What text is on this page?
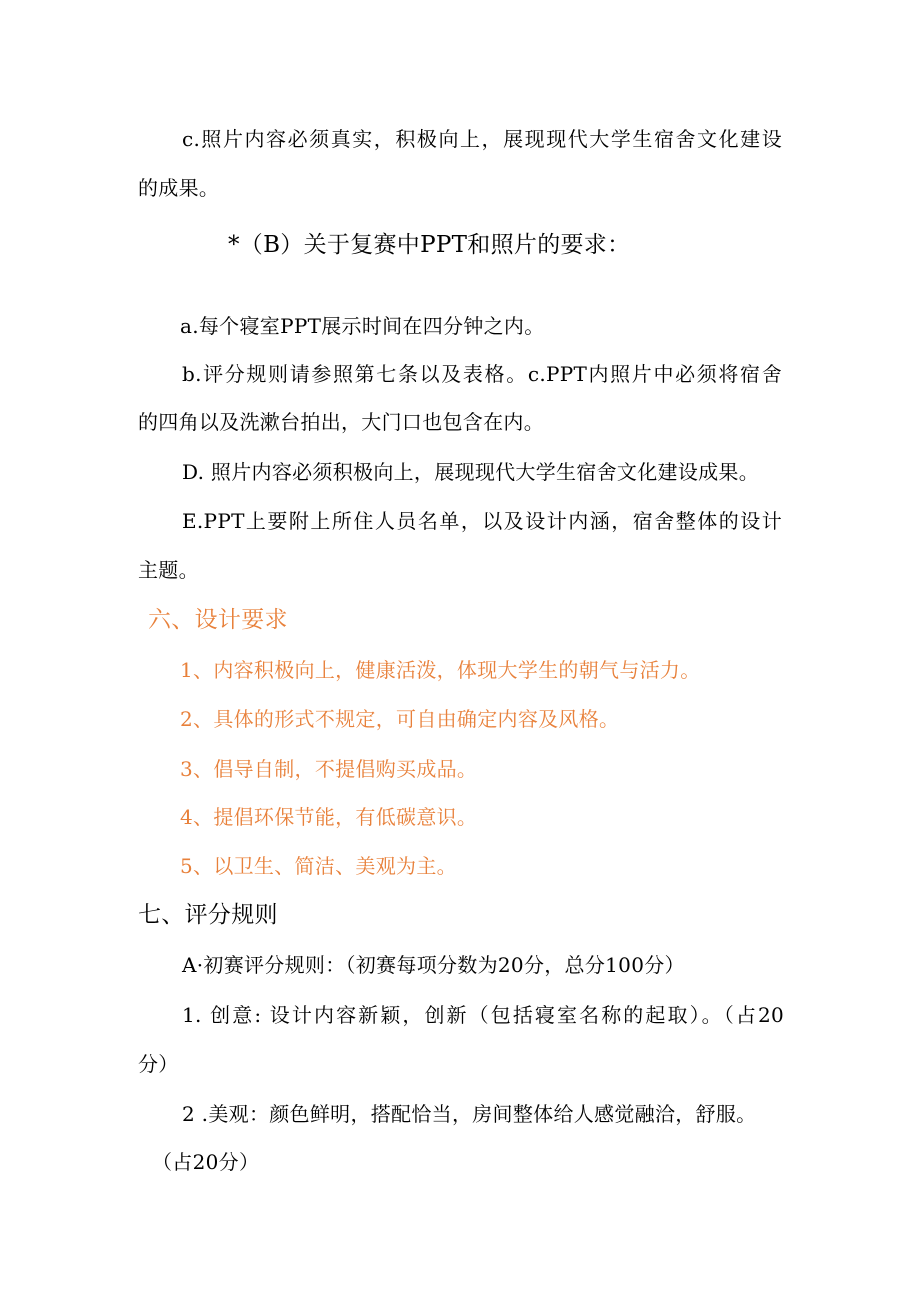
c.照片内容必须真实，积极向上，展现现代大学生宿舍文化建设
的成果。
*（B）关于复赛中PPT和照片的要求：
a.每个寝室PPT展示时间在四分钟之内。
b.评分规则请参照第七条以及表格。c.PPT内照片中必须将宿舍
的四角以及洗漱台拍出，大门口也包含在内。
D. 照片内容必须积极向上，展现现代大学生宿舍文化建设成果。
E.PPT上要附上所住人员名单，以及设计内涵，宿舍整体的设计
主题。
六、设计要求
1、内容积极向上，健康活泼，体现大学生的朝气与活力。
2、具体的形式不规定，可自由确定内容及风格。
3、倡导自制，不提倡购买成品。
4、提倡环保节能，有低碳意识。
5、以卫生、简洁、美观为主。
七、评分规则
A·初赛评分规则：（初赛每项分数为20分，总分100分）
1. 创意: 设计内容新颖，创新（包括寝室名称的起取）。（占20
分）
2 .美观：颜色鲜明，搭配恰当，房间整体给人感觉融洽，舒服。
（占20分）
